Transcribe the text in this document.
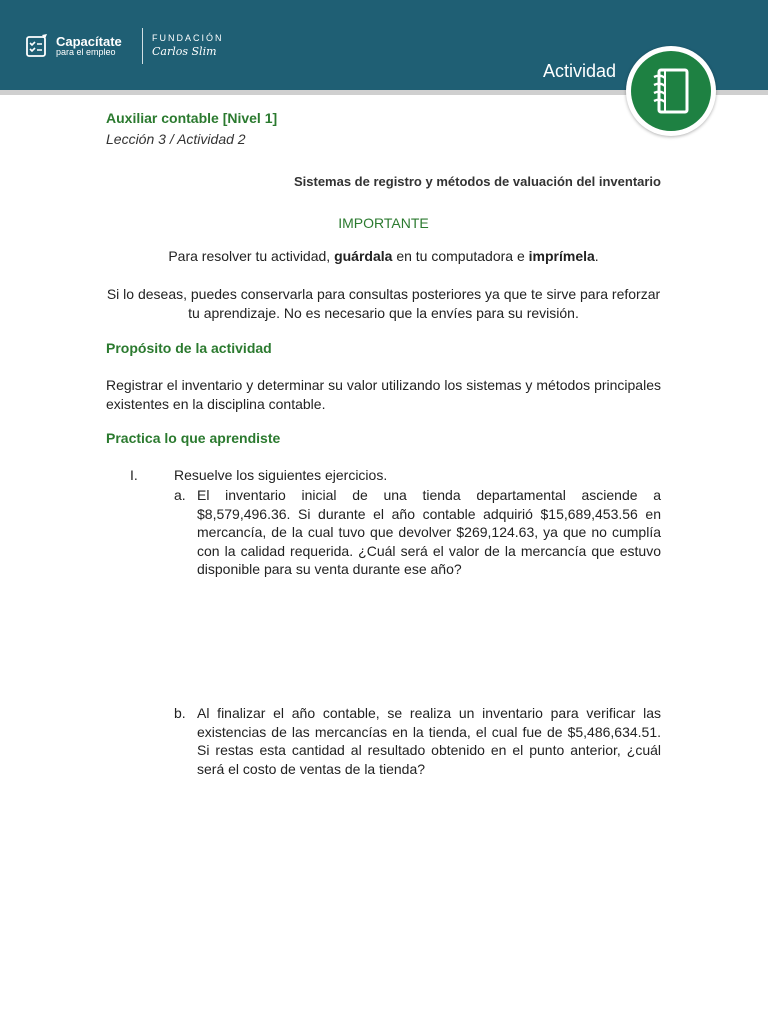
Capacítate
para el empleo
FUNDACIÓN
Carlos Slim
Actividad
Auxiliar contable [Nivel 1]
Lección 3 / Actividad 2
Sistemas de registro y métodos de valuación del inventario
IMPORTANTE
Para resolver tu actividad, guárdala en tu computadora e imprímela.
Si lo deseas, puedes conservarla para consultas posteriores ya que te sirve para reforzar tu aprendizaje. No es necesario que la envíes para su revisión.
Propósito de la actividad
Registrar el inventario y determinar su valor utilizando los sistemas y métodos principales existentes en la disciplina contable.
Practica lo que aprendiste
I.	Resuelve los siguientes ejercicios.
a. El inventario inicial de una tienda departamental asciende a $8,579,496.36. Si durante el año contable adquirió $15,689,453.56 en mercancía, de la cual tuvo que devolver $269,124.63, ya que no cumplía con la calidad requerida. ¿Cuál será el valor de la mercancía que estuvo disponible para su venta durante ese año?
b. Al finalizar el año contable, se realiza un inventario para verificar las existencias de las mercancías en la tienda, el cual fue de $5,486,634.51. Si restas esta cantidad al resultado obtenido en el punto anterior, ¿cuál será el costo de ventas de la tienda?
